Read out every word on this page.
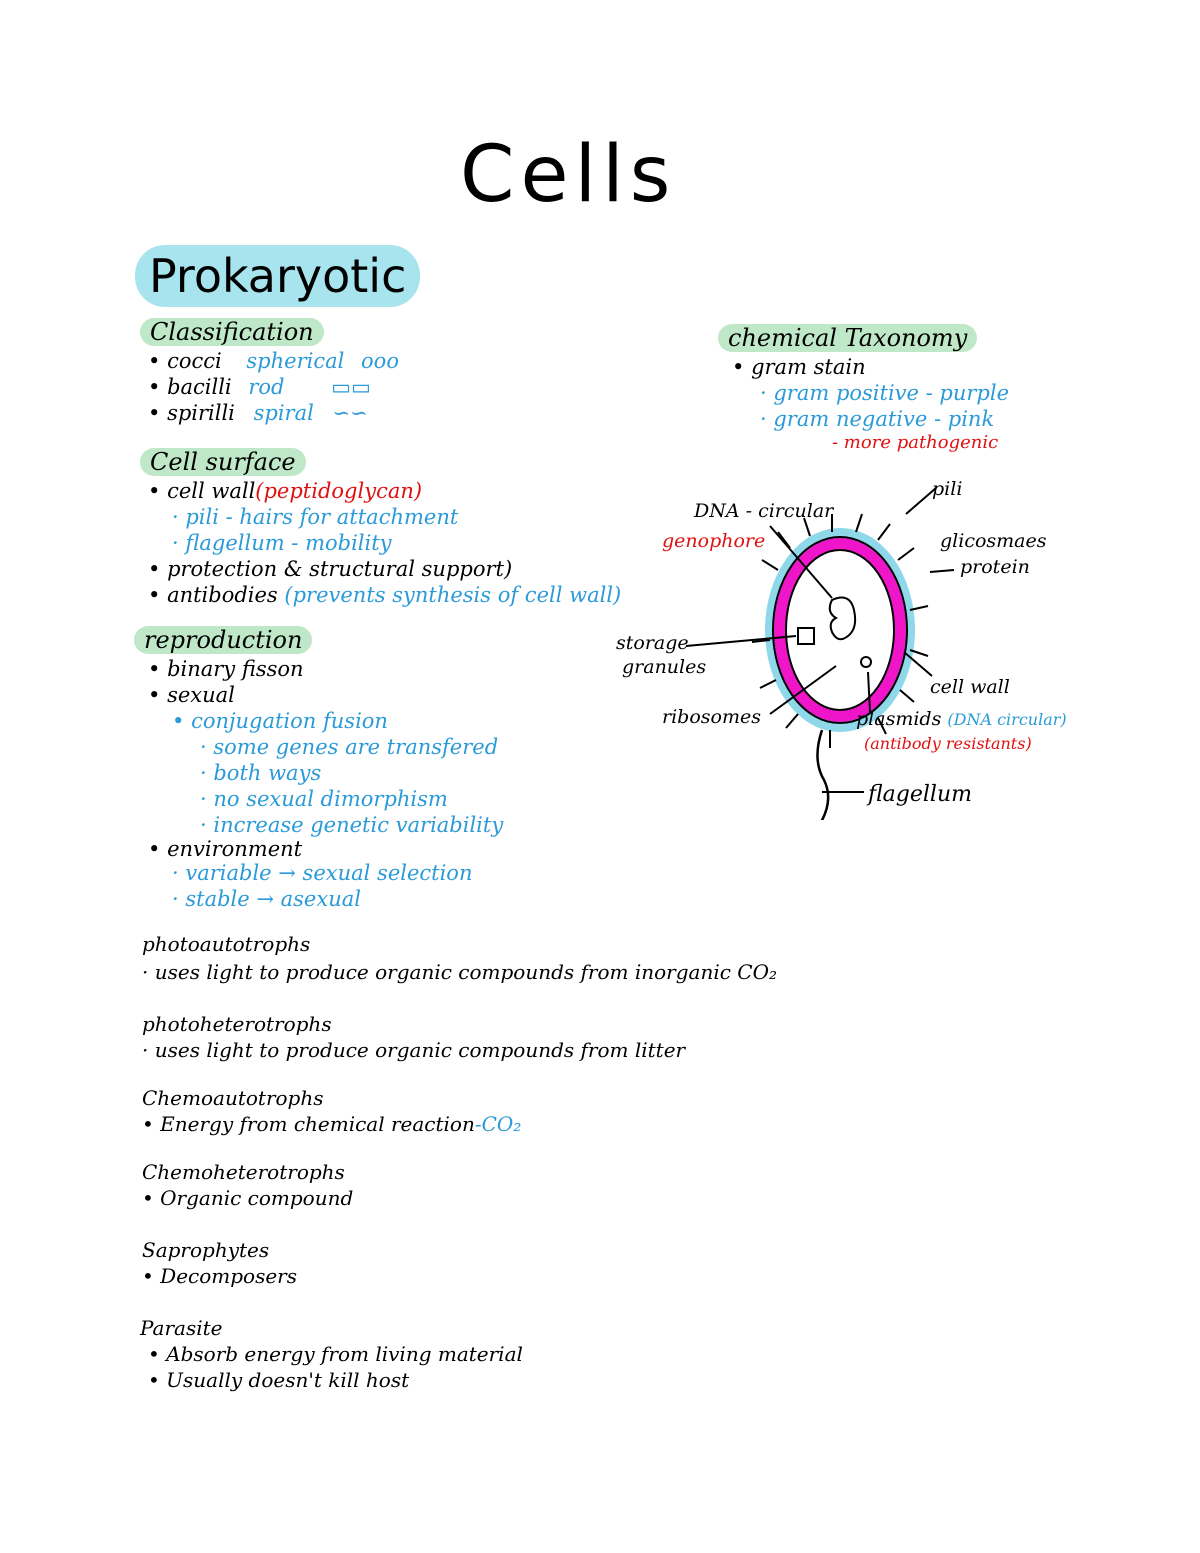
Cells
Prokaryotic
Classification
• cocci spherical ooo
• bacilli rod ▭▭
• spirilli spiral ∽∽
chemical Taxonomy
• gram stain
· gram positive - purple
· gram negative - pink
- more pathogenic
Cell surface
• cell wall(peptidoglycan)
· pili - hairs for attachment
· flagellum - mobility
• protection & structural support)
• antibodies (prevents synthesis of cell wall)
reproduction
• binary fisson
• sexual
• conjugation fusion
· some genes are transfered
· both ways
· no sexual dimorphism
· increase genetic variability
• environment
· variable → sexual selection
· stable → asexual
DNA - circular
genophore
pili
glicosmaes
protein
storage
granules
cell wall
ribosomes	plasmids (DNA circular)
(antibody resistants)
flagellum
photoautotrophs
· uses light to produce organic compounds from inorganic CO₂
photoheterotrophs
· uses light to produce organic compounds from litter
Chemoautotrophs
• Energy from chemical reaction-CO₂
Chemoheterotrophs
• Organic compound
Saprophytes
• Decomposers
Parasite
• Absorb energy from living material
• Usually doesn't kill host
